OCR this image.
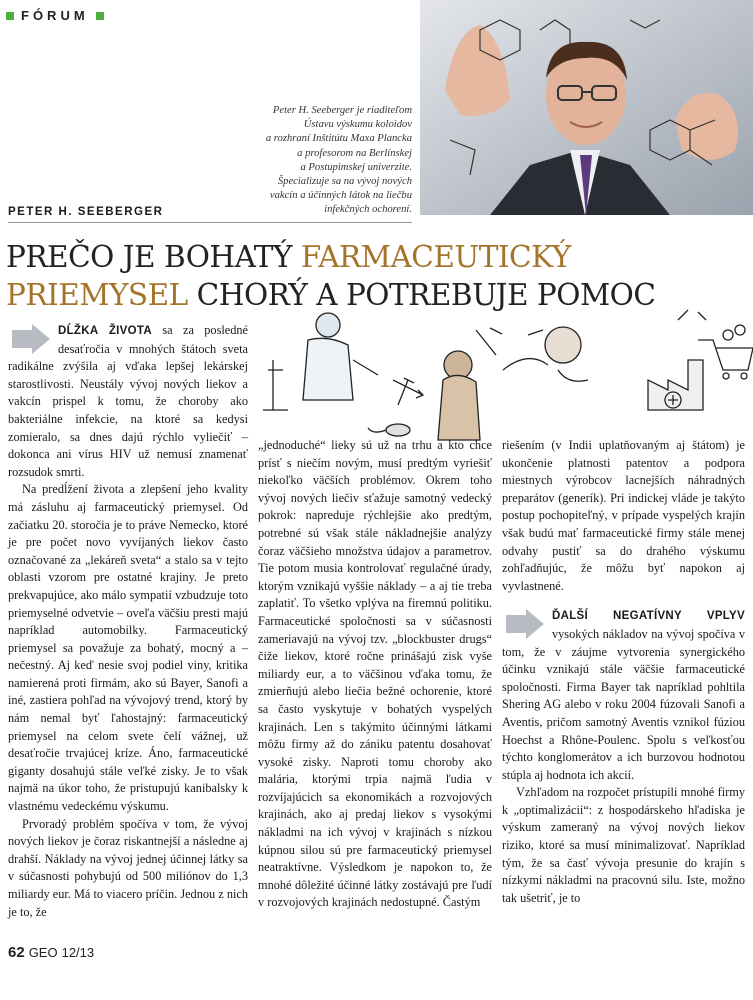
FÓRUM
Peter H. Seeberger je riaditeľom
Ústavu výskumu koloidov
a rozhraní Inštitútu Maxa Plancka
a profesorom na Berlínskej
a Postupimskej univerzite.
Špecializuje sa na vývoj nových
vakcín a účinných látok na liečbu
infekčných ochorení.
PETER H. SEEBERGER
PREČO JE BOHATÝ FARMACEUTICKÝ
PRIEMYSEL CHORÝ A POTREBUJE POMOC

DĹŽKA ŽIVOTA sa za posledné desaťročia v mnohých štátoch sveta radikálne zvýšila aj vďaka lepšej lekárskej starostlivosti. Neustály vývoj nových liekov a vakcín prispel k tomu, že choroby ako bakteriálne infekcie, na ktoré sa kedysi zomieralo, sa dnes dajú rýchlo vyliečiť – dokonca ani vírus HIV už nemusí znamenať rozsudok smrti.

Na predĺžení života a zlepšení jeho kvality má zásluhu aj farmaceutický priemysel. Od začiatku 20. storočia je to práve Nemecko, ktoré je pre počet novo vyvíjaných liekov často označované za „lekáreň sveta“ a stalo sa v tejto oblasti vzorom pre ostatné krajiny. Je preto prekvapujúce, ako málo sympatií vzbudzuje toto priemyselné odvetvie – oveľa väčšiu presti majú napríklad automobilky. Farmaceutický priemysel sa považuje za bohatý, mocný a – nečestný. Aj keď nesie svoj podiel viny, kritika namierená proti firmám, ako sú Bayer, Sanofi a iné, zastiera pohľad na vývojový trend, ktorý by nám nemal byť ľahostajný: farmaceutický priemysel na celom svete čelí vážnej, už desaťročie trvajúcej kríze. Áno, farmaceutické giganty dosahujú stále veľké zisky. Je to však najmä na úkor toho, že pristupujú kanibalsky k vlastnému vedeckému výskumu.

Prvoradý problém spočíva v tom, že vývoj nových liekov je čoraz riskantnejší a následne aj drahší. Náklady na vývoj jednej účinnej látky sa v súčasnosti pohybujú od 500 miliónov do 1,3 miliardy eur. Má to viacero príčin. Jednou z nich je to, že

„jednoduché“ lieky sú už na trhu a kto chce prísť s niečím novým, musí predtým vyriešiť niekoľko väčších problémov. Okrem toho vývoj nových liečiv sťažuje samotný vedecký pokrok: napreduje rýchlejšie ako predtým, potrebné sú však stále nákladnejšie analýzy čoraz väčšieho množstva údajov a parametrov. Tie potom musia kontrolovať regulačné úrady, ktorým vznikajú vyššie náklady – a aj tie treba zaplatiť. To všetko vplýva na firemnú politiku. Farmaceutické spoločnosti sa v súčasnosti zameriavajú na vývoj tzv. „blockbuster drugs“ čiže liekov, ktoré ročne prinášajú zisk vyše miliardy eur, a to väčšinou vďaka tomu, že zmierňujú alebo liečia bežné ochorenie, ktoré sa často vyskytuje v bohatých vyspelých krajinách. Len s takýmito účinnými látkami môžu firmy až do zániku patentu dosahovať vysoké zisky. Naproti tomu choroby ako malária, ktorými trpia najmä ľudia v rozvíjajúcich sa ekonomikách a rozvojových krajinách, ako aj predaj liekov s vysokými nákladmi na ich vývoj v krajinách s nízkou kúpnou silou sú pre farmaceutický priemysel neatraktívne. Výsledkom je napokon to, že mnohé dôležité účinné látky zostávajú pre ľudí v rozvojových krajinách nedostupné. Častým

riešením (v Indii uplatňovaným aj štátom) je ukončenie platnosti patentov a podpora miestnych výrobcov lacnejších náhradných preparátov (generík). Pri indickej vláde je takýto postup pochopiteľný, v prípade vyspelých krajín však budú mať farmaceutické firmy stále menej odvahy pustiť sa do drahého výskumu zohľadňujúc, že môžu byť napokon aj vyvlastnené.

ĎALŠÍ NEGATÍVNY VPLYV vysokých nákladov na vývoj spočíva v tom, že v záujme vytvorenia synergického účinku vznikajú stále väčšie farmaceutické spoločnosti. Firma Bayer tak napríklad pohltila Shering AG alebo v roku 2004 fúzovali Sanofi a Aventis, pričom samotný Aventis vznikol fúziou Hoechst a Rhône-Poulenc. Spolu s veľkosťou týchto konglomerátov a ich burzovou hodnotou stúpla aj hodnota ich akcií.

Vzhľadom na rozpočet prístupili mnohé firmy k „optimalizácii“: z hospodárskeho hľadiska je výskum zameraný na vývoj nových liekov riziko, ktoré sa musí minimalizovať. Napríklad tým, že sa časť vývoja presunie do krajín s nízkymi nákladmi na pracovnú silu. Iste, možno tak ušetriť, je to

62 GEO 12/13
